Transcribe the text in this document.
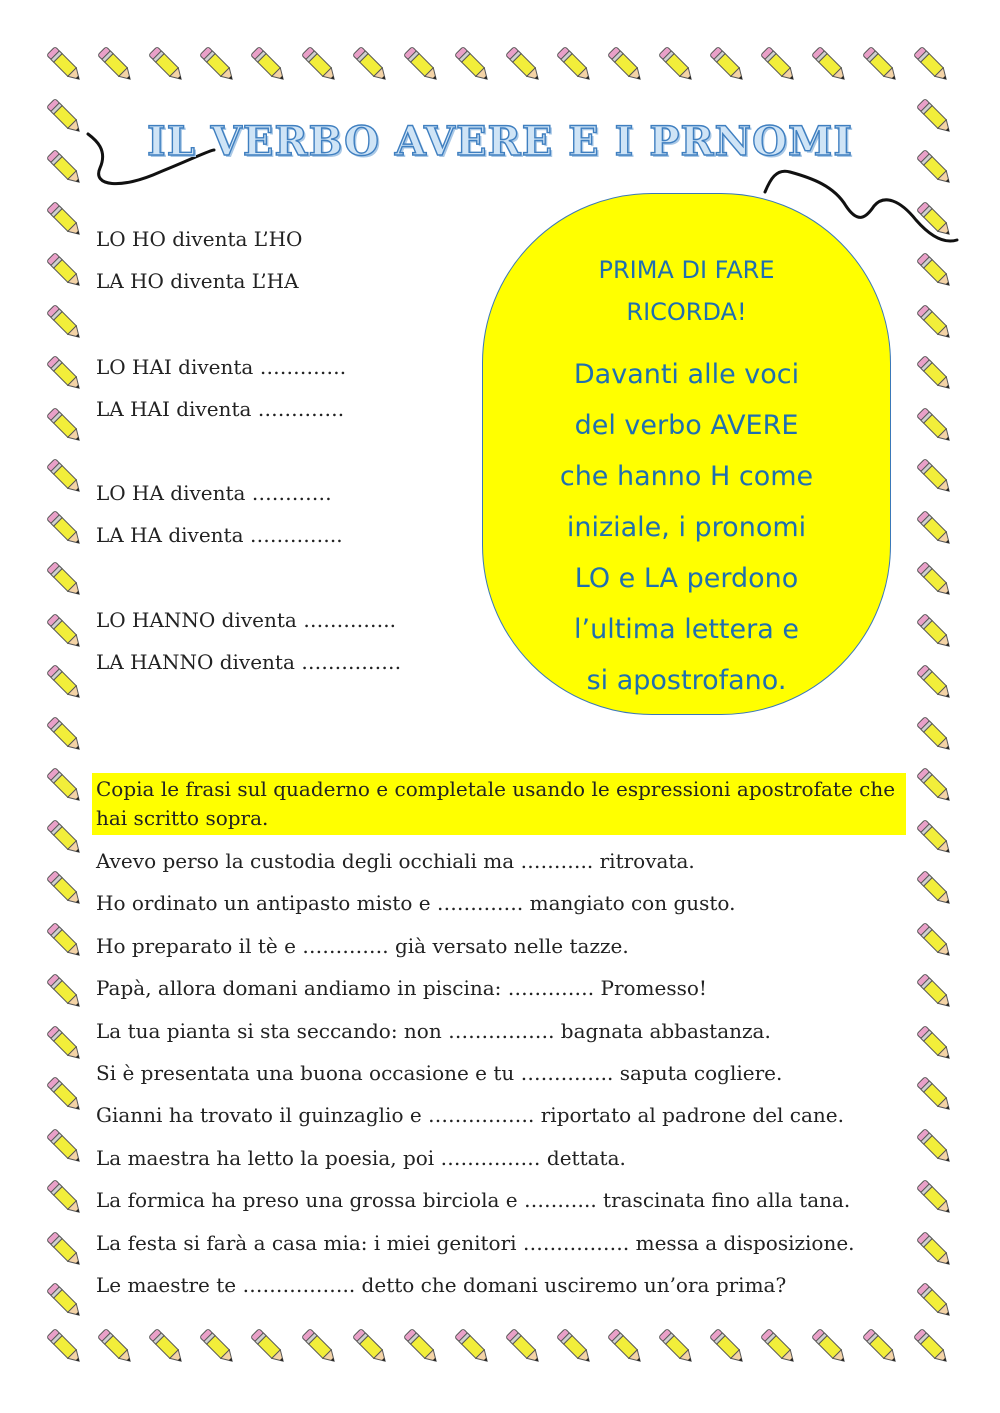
IL VERBO AVERE E I PRNOMI
LO HO diventa L’HO
LA HO diventa L’HA
LO HAI diventa ………….
LA HAI diventa ………….
LO HA diventa …………
LA HA diventa …………..
LO HANNO diventa …………..
LA HANNO diventa ……………
PRIMA DI FARE
RICORDA!
Davanti alle voci
del verbo AVERE
che hanno H come
iniziale, i pronomi
LO e LA perdono
l’ultima lettera e
si apostrofano.
Copia le frasi sul quaderno e completale usando le espressioni apostrofate che hai scritto sopra.
Avevo perso la custodia degli occhiali ma ……….. ritrovata.
Ho ordinato un antipasto misto e …………. mangiato con gusto.
Ho preparato il tè e …………. già versato nelle tazze.
Papà, allora domani andiamo in piscina: …………. Promesso!
La tua pianta si sta seccando: non ……………. bagnata abbastanza.
Si è presentata una buona occasione e tu ………….. saputa cogliere.
Gianni ha trovato il guinzaglio e ……………. riportato al padrone del cane.
La maestra ha letto la poesia, poi …………… dettata.
La formica ha preso una grossa birciola e ……….. trascinata fino alla tana.
La festa si farà a casa mia: i miei genitori ……………. messa a disposizione.
Le maestre te …………….. detto che domani usciremo un’ora prima?
